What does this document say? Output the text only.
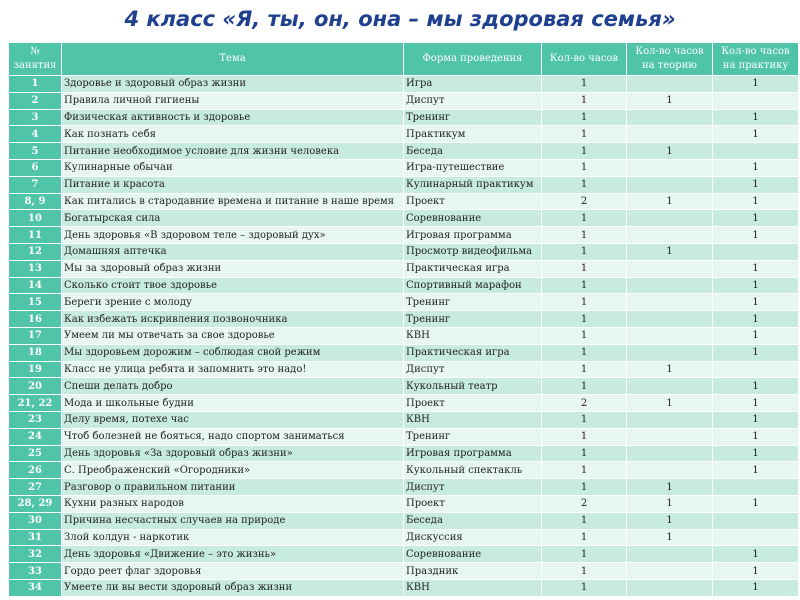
4 класс «Я, ты, он, она – мы здоровая семья»
№ занятия	Тема	Форма проведения	Кол-во часов	Кол-во часов на теорию	Кол-во часов на практику
1	Здоровье и здоровый образ жизни	Игра	1		1
2	Правила личной гигиены	Диспут	1	1	
3	Физическая активность и здоровье	Тренинг	1		1
4	Как познать себя	Практикум	1		1
5	Питание необходимое условие для жизни человека	Беседа	1	1	
6	Кулинарные обычаи	Игра-путешествие	1		1
7	Питание и красота	Кулинарный практикум	1		1
8, 9	Как питались в стародавние времена и питание в наше время	Проект	2	1	1
10	Богатырская сила	Соревнование	1		1
11	День здоровья «В здоровом теле – здоровый дух»	Игровая программа	1		1
12	Домашняя аптечка	Просмотр видеофильма	1	1	
13	Мы за здоровый образ жизни	Практическая игра	1		1
14	Сколько стоит твое здоровье	Спортивный марафон	1		1
15	Береги зрение с молоду	Тренинг	1		1
16	Как избежать искривления позвоночника	Тренинг	1		1
17	Умеем ли мы отвечать за свое здоровье	КВН	1		1
18	Мы здоровьем дорожим – соблюдая свой режим	Практическая игра	1		1
19	Класс не улица ребята и запомнить это надо!	Диспут	1	1	
20	Спеши делать добро	Кукольный театр	1		1
21, 22	Мода и школьные будни	Проект	2	1	1
23	Делу время, потехе час	КВН	1		1
24	Чтоб болезней не бояться, надо спортом заниматься	Тренинг	1		1
25	День здоровья «За здоровый образ жизни»	Игровая программа	1		1
26	С. Преображенский «Огородники»	Кукольный спектакль	1		1
27	Разговор о правильном питании	Диспут	1	1	
28, 29	Кухни разных народов	Проект	2	1	1
30	Причина несчастных случаев на природе	Беседа	1	1	
31	Злой колдун - наркотик	Дискуссия	1	1	
32	День здоровья «Движение – это жизнь»	Соревнование	1		1
33	Гордо реет флаг здоровья	Праздник	1		1
34	Умеете ли вы вести здоровый образ жизни	КВН	1		1
